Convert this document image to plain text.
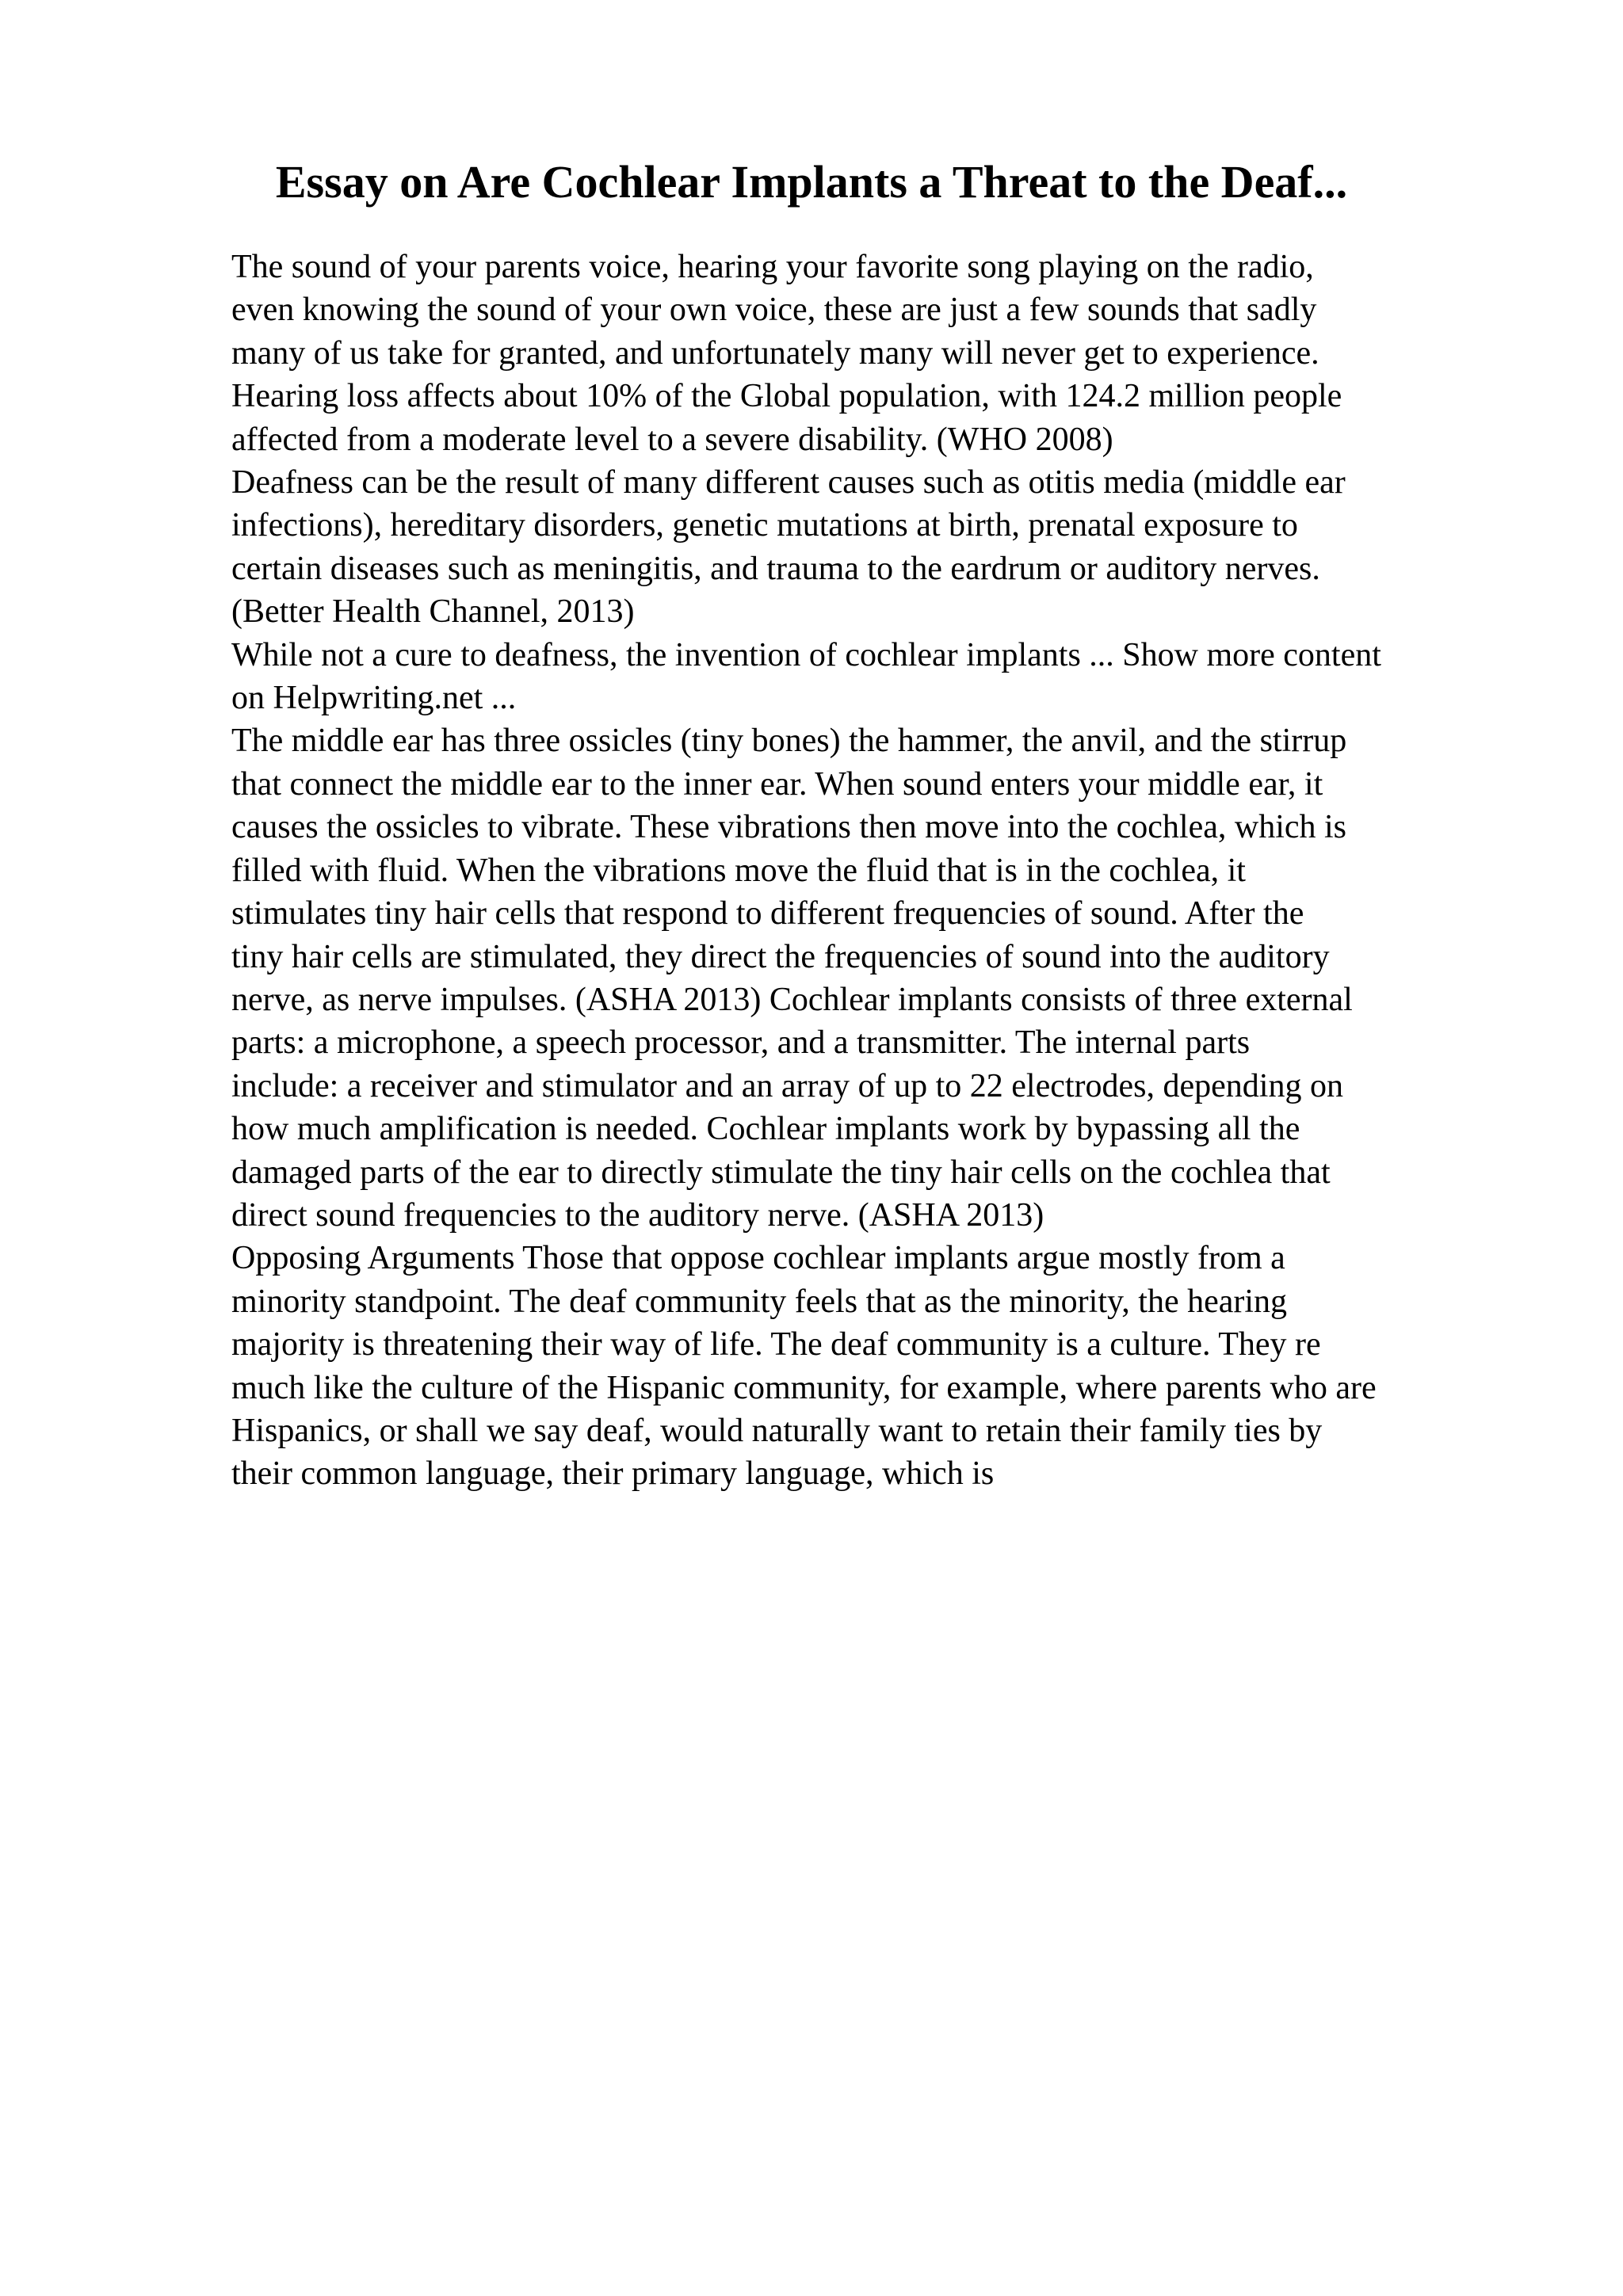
Essay on Are Cochlear Implants a Threat to the Deaf...
The sound of your parents voice, hearing your favorite song playing on the radio,
even knowing the sound of your own voice, these are just a few sounds that sadly
many of us take for granted, and unfortunately many will never get to experience.
Hearing loss affects about 10% of the Global population, with 124.2 million people
affected from a moderate level to a severe disability. (WHO 2008)
Deafness can be the result of many different causes such as otitis media (middle ear
infections), hereditary disorders, genetic mutations at birth, prenatal exposure to
certain diseases such as meningitis, and trauma to the eardrum or auditory nerves.
(Better Health Channel, 2013)
While not a cure to deafness, the invention of cochlear implants ... Show more content
on Helpwriting.net ...
The middle ear has three ossicles (tiny bones) the hammer, the anvil, and the stirrup
that connect the middle ear to the inner ear. When sound enters your middle ear, it
causes the ossicles to vibrate. These vibrations then move into the cochlea, which is
filled with fluid. When the vibrations move the fluid that is in the cochlea, it
stimulates tiny hair cells that respond to different frequencies of sound. After the
tiny hair cells are stimulated, they direct the frequencies of sound into the auditory
nerve, as nerve impulses. (ASHA 2013) Cochlear implants consists of three external
parts: a microphone, a speech processor, and a transmitter. The internal parts
include: a receiver and stimulator and an array of up to 22 electrodes, depending on
how much amplification is needed. Cochlear implants work by bypassing all the
damaged parts of the ear to directly stimulate the tiny hair cells on the cochlea that
direct sound frequencies to the auditory nerve. (ASHA 2013)
Opposing Arguments Those that oppose cochlear implants argue mostly from a
minority standpoint. The deaf community feels that as the minority, the hearing
majority is threatening their way of life. The deaf community is a culture. They re
much like the culture of the Hispanic community, for example, where parents who are
Hispanics, or shall we say deaf, would naturally want to retain their family ties by
their common language, their primary language, which is
